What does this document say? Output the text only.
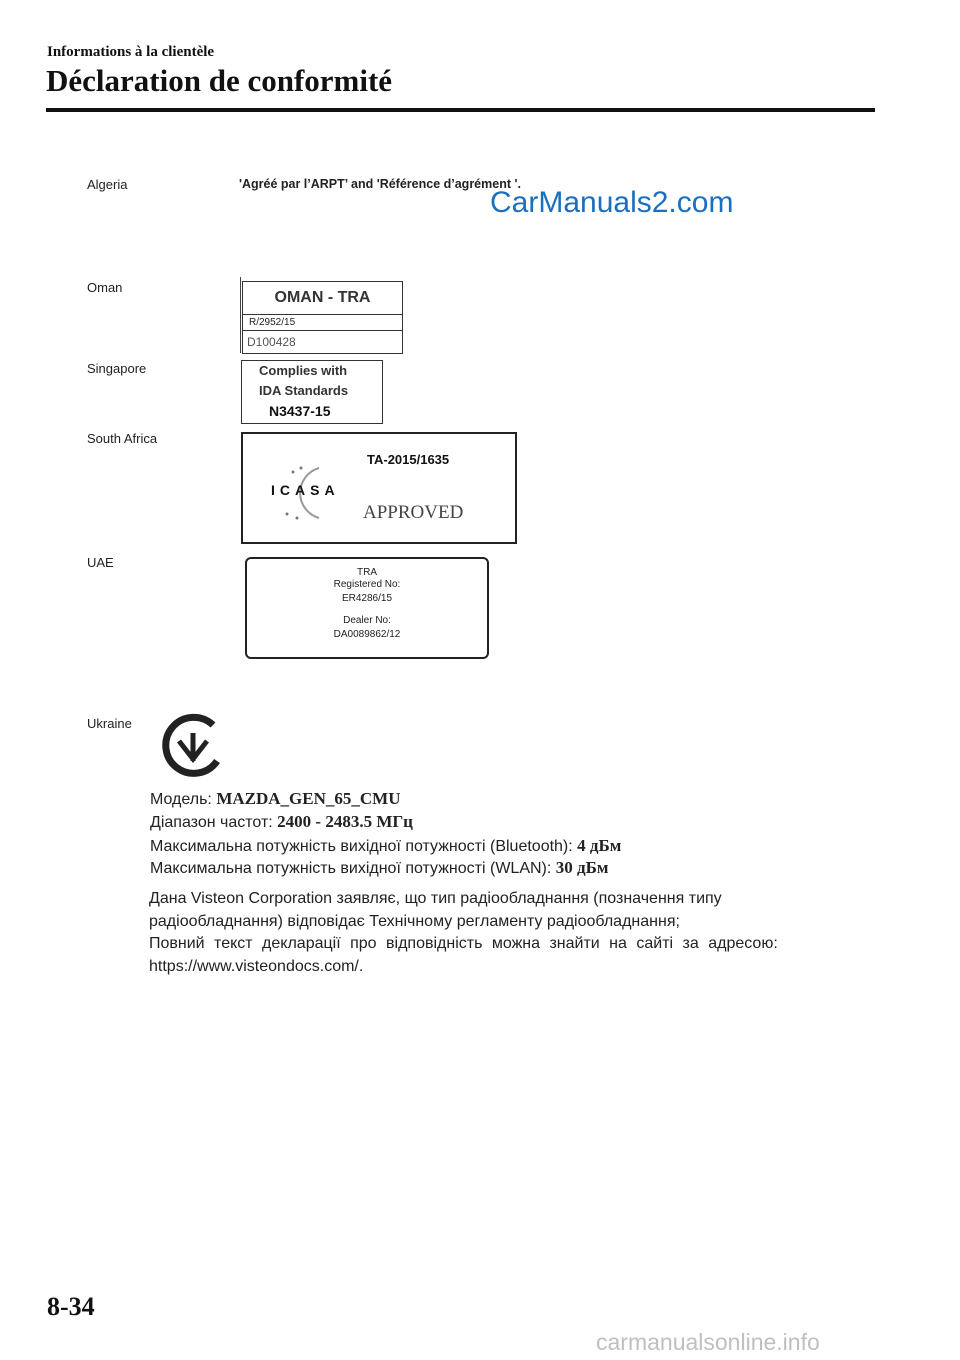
Informations à la clientèle
Déclaration de conformité
Algeria	'Agréé par l’ARPT’ and 'Référence d’agrément '.
CarManuals2.com
Oman
OMAN - TRA
R/2952/15
D100428
Singapore	Complies with
IDA Standards
N3437-15
South Africa
TA-2015/1635
ICASA
APPROVED
UAE
TRA
Registered No:
ER4286/15
Dealer No:
DA0089862/12
Ukraine
Модель: MAZDA_GEN_65_CMU
Діапазон частот: 2400 - 2483.5 МГц
Максимальна потужність вихідної потужності (Bluetooth): 4 дБм
Максимальна потужність вихідної потужності (WLAN): 30 дБм
Дана Visteon Corporation заявляє, що тип радіообладнання (позначення типу
радіообладнання) відповідає Технічному регламенту радіообладнання;
Повний текст декларації про відповідність можна знайти на сайті за адресою:
https://www.visteondocs.com/.
8-34
carmanualsonline.info
